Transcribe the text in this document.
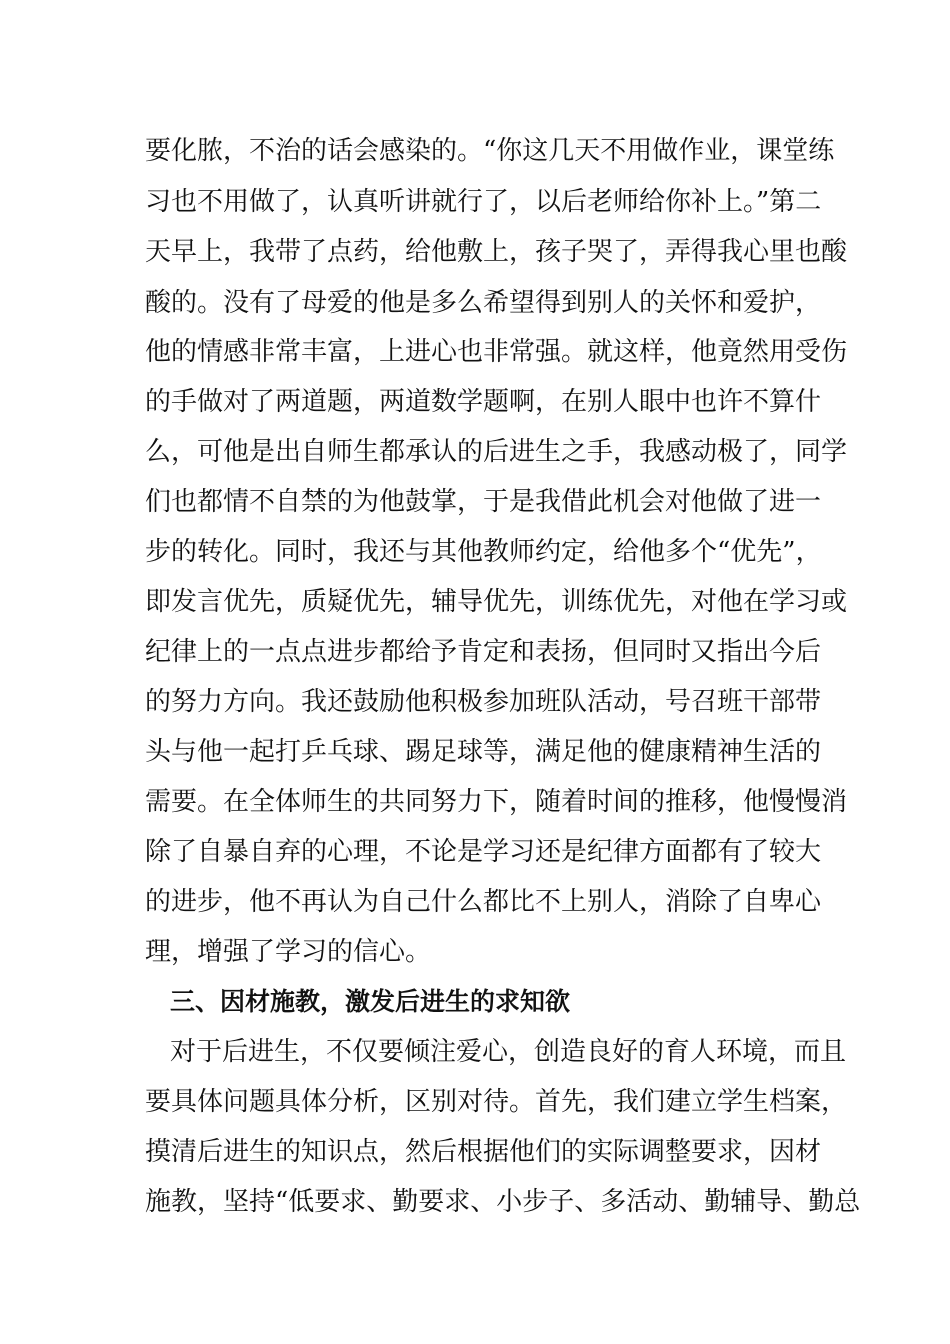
要化脓，不治的话会感染的。“你这几天不用做作业，课堂练
习也不用做了，认真听讲就行了，以后老师给你补上。”第二
天早上，我带了点药，给他敷上，孩子哭了，弄得我心里也酸
酸的。没有了母爱的他是多么希望得到别人的关怀和爱护，
他的情感非常丰富，上进心也非常强。就这样，他竟然用受伤
的手做对了两道题，两道数学题啊，在别人眼中也许不算什
么，可他是出自师生都承认的后进生之手，我感动极了，同学
们也都情不自禁的为他鼓掌，于是我借此机会对他做了进一
步的转化。同时，我还与其他教师约定，给他多个“优先”，
即发言优先，质疑优先，辅导优先，训练优先，对他在学习或
纪律上的一点点进步都给予肯定和表扬，但同时又指出今后
的努力方向。我还鼓励他积极参加班队活动，号召班干部带
头与他一起打乒乓球、踢足球等，满足他的健康精神生活的
需要。在全体师生的共同努力下，随着时间的推移，他慢慢消
除了自暴自弃的心理，不论是学习还是纪律方面都有了较大
的进步，他不再认为自己什么都比不上别人，消除了自卑心
理，增强了学习的信心。
三、因材施教，激发后进生的求知欲
对于后进生，不仅要倾注爱心，创造良好的育人环境，而且
要具体问题具体分析，区别对待。首先，我们建立学生档案，
摸清后进生的知识点，然后根据他们的实际调整要求，因材
施教，坚持“低要求、勤要求、小步子、多活动、勤辅导、勤总
